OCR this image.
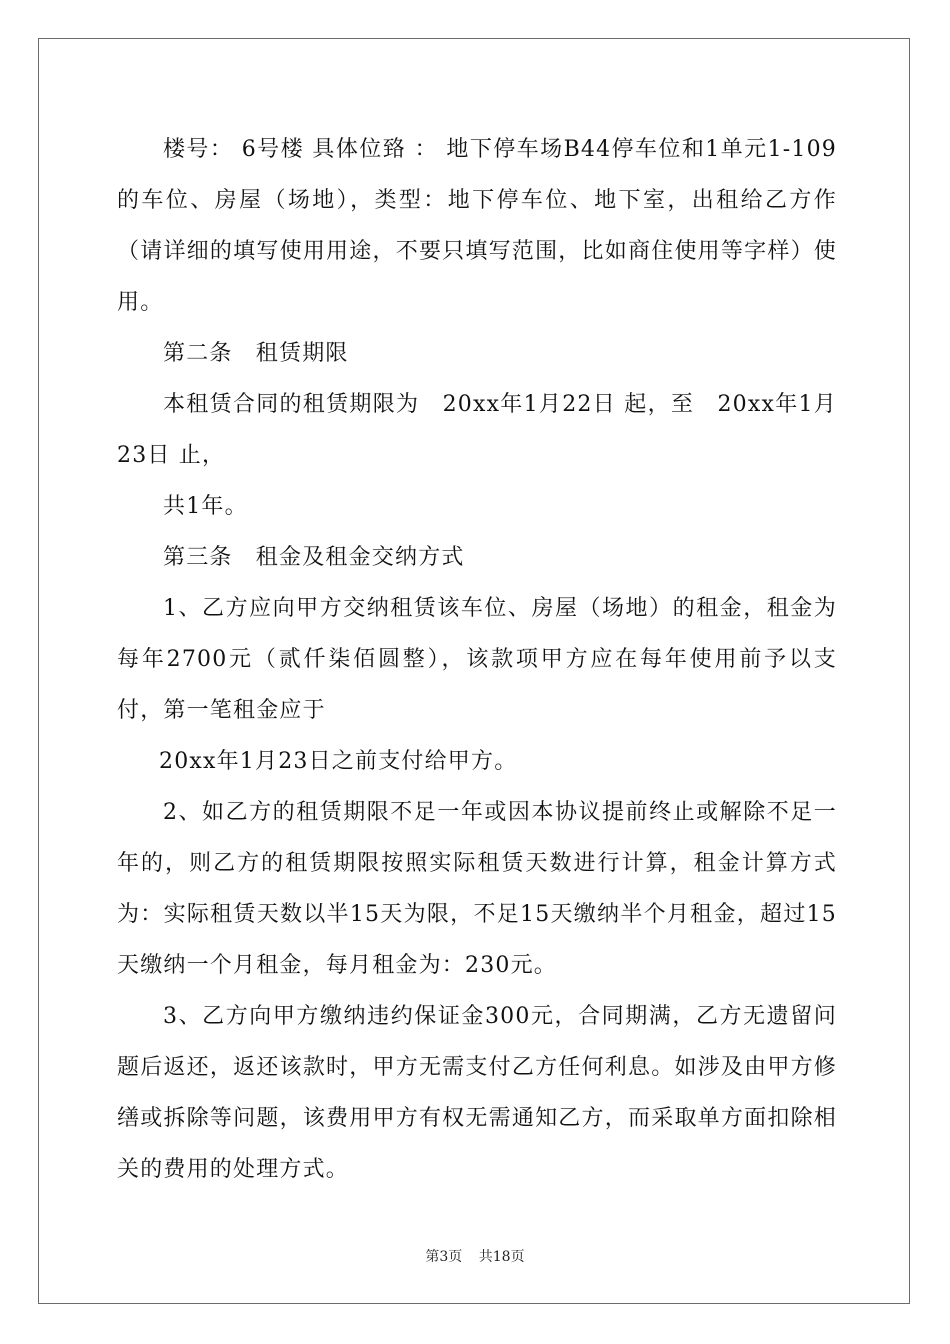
楼号： 6号楼 具体位臵 ： 地下停车场B44停车位和1单元1-109 的车位、房屋（场地），类型：地下停车位、地下室，出租给乙方作（请详细的填写使用用途，不要只填写范围，比如商住使用等字样）使用。

第二条　租赁期限

本租赁合同的租赁期限为　20xx年1月22日 起，至　20xx年1月23日 止，

共1年。

第三条　租金及租金交纳方式

1、乙方应向甲方交纳租赁该车位、房屋（场地）的租金，租金为每年2700元（贰仟柒佰圆整），该款项甲方应在每年使用前予以支付，第一笔租金应于

20xx年1月23日之前支付给甲方。

2、如乙方的租赁期限不足一年或因本协议提前终止或解除不足一年的，则乙方的租赁期限按照实际租赁天数进行计算，租金计算方式为：实际租赁天数以半15天为限，不足15天缴纳半个月租金，超过15天缴纳一个月租金，每月租金为：230元。

3、乙方向甲方缴纳违约保证金300元，合同期满，乙方无遗留问题后返还，返还该款时，甲方无需支付乙方任何利息。如涉及由甲方修缮或拆除等问题，该费用甲方有权无需通知乙方，而采取单方面扣除相关的费用的处理方式。

第3页 共18页
